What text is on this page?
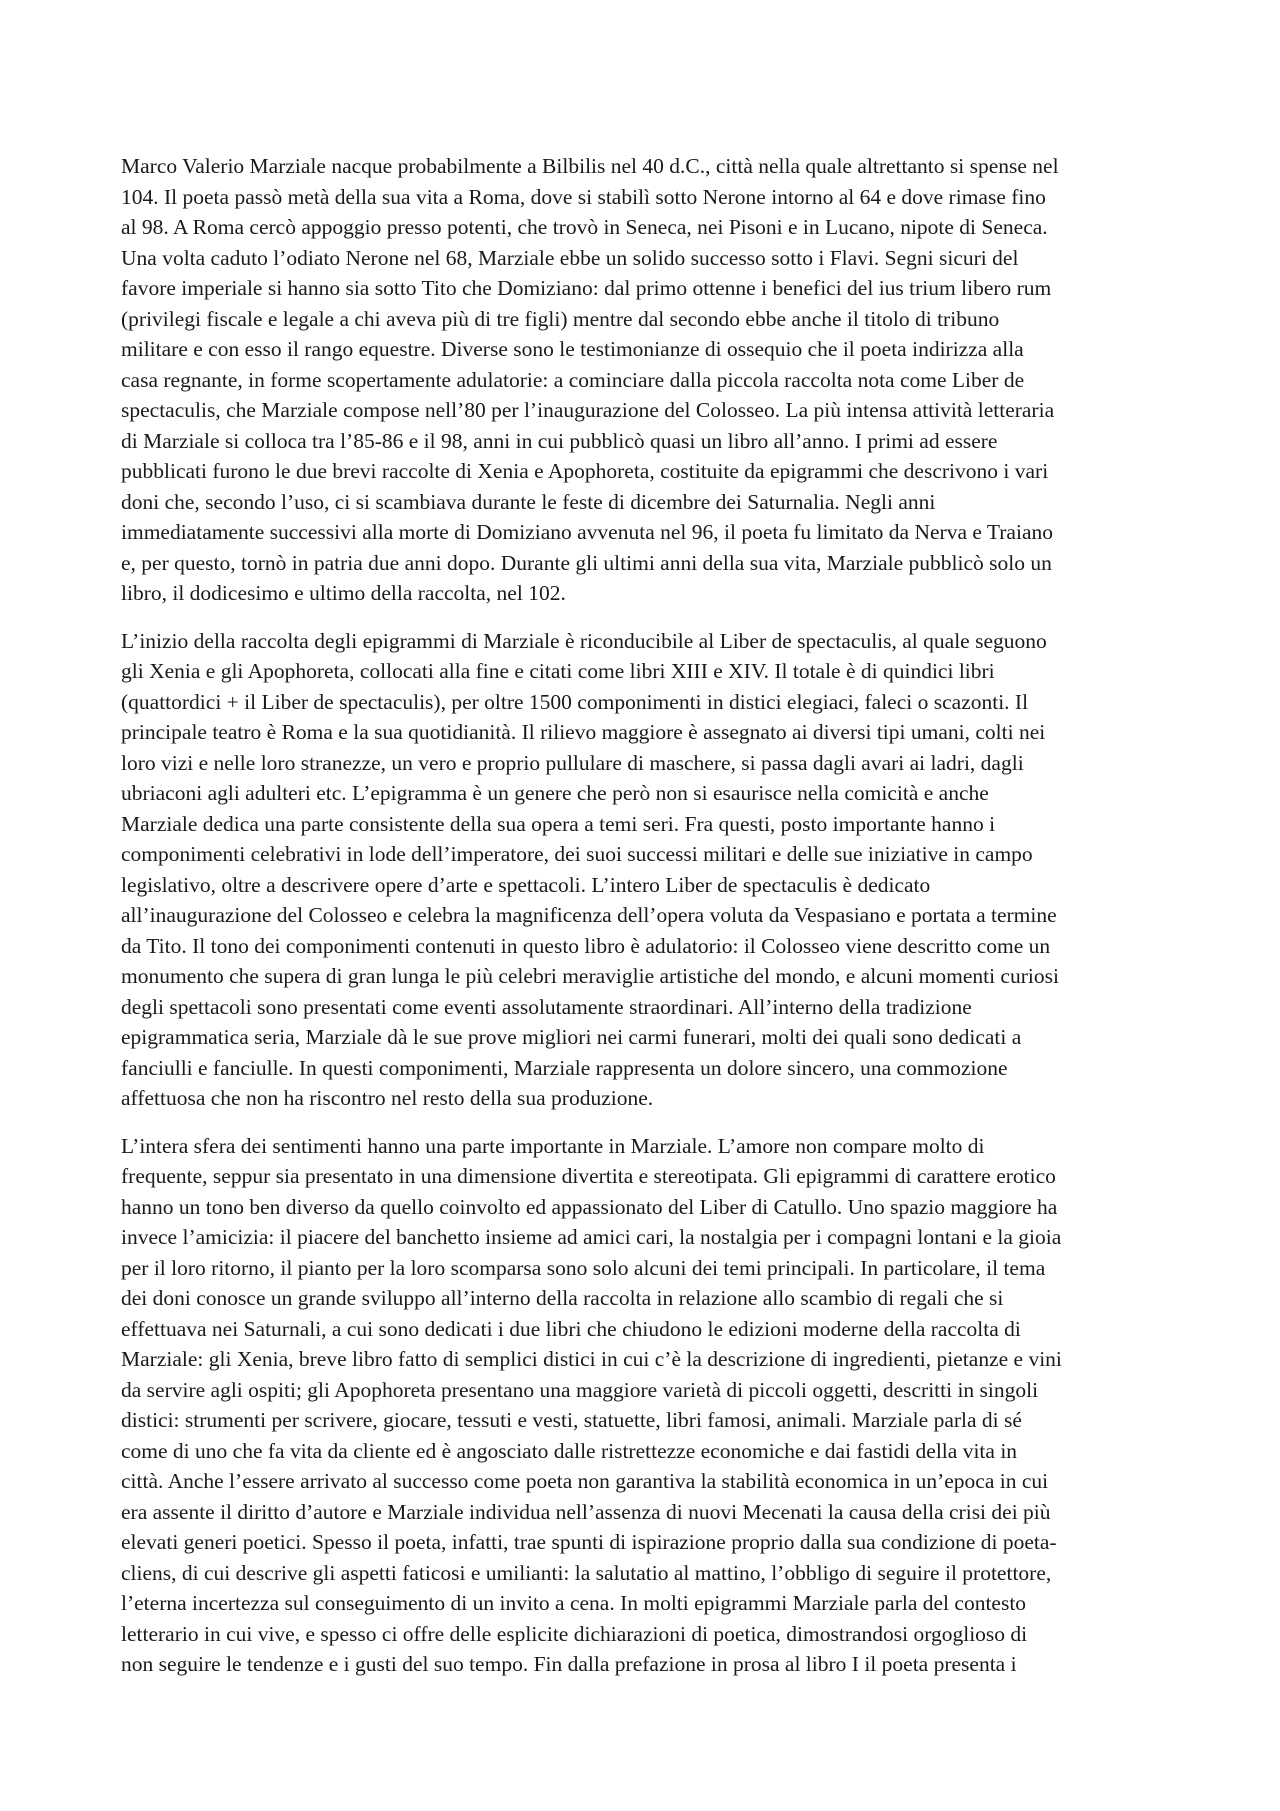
Marco Valerio Marziale nacque probabilmente a Bilbilis nel 40 d.C., città nella quale altrettanto si spense nel
104. Il poeta passò metà della sua vita a Roma, dove si stabilì sotto Nerone intorno al 64 e dove rimase fino
al 98. A Roma cercò appoggio presso potenti, che trovò in Seneca, nei Pisoni e in Lucano, nipote di Seneca.
Una volta caduto l’odiato Nerone nel 68, Marziale ebbe un solido successo sotto i Flavi. Segni sicuri del
favore imperiale si hanno sia sotto Tito che Domiziano: dal primo ottenne i benefici del ius trium libero rum
(privilegi fiscale e legale a chi aveva più di tre figli) mentre dal secondo ebbe anche il titolo di tribuno
militare e con esso il rango equestre. Diverse sono le testimonianze di ossequio che il poeta indirizza alla
casa regnante, in forme scopertamente adulatorie: a cominciare dalla piccola raccolta nota come Liber de
spectaculis, che Marziale compose nell’80 per l’inaugurazione del Colosseo. La più intensa attività letteraria
di Marziale si colloca tra l’85-86 e il 98, anni in cui pubblicò quasi un libro all’anno. I primi ad essere
pubblicati furono le due brevi raccolte di Xenia e Apophoreta, costituite da epigrammi che descrivono i vari
doni che, secondo l’uso, ci si scambiava durante le feste di dicembre dei Saturnalia. Negli anni
immediatamente successivi alla morte di Domiziano avvenuta nel 96, il poeta fu limitato da Nerva e Traiano
e, per questo, tornò in patria due anni dopo. Durante gli ultimi anni della sua vita, Marziale pubblicò solo un
libro, il dodicesimo e ultimo della raccolta, nel 102.

L’inizio della raccolta degli epigrammi di Marziale è riconducibile al Liber de spectaculis, al quale seguono
gli Xenia e gli Apophoreta, collocati alla fine e citati come libri XIII e XIV. Il totale è di quindici libri
(quattordici + il Liber de spectaculis), per oltre 1500 componimenti in distici elegiaci, faleci o scazonti. Il
principale teatro è Roma e la sua quotidianità. Il rilievo maggiore è assegnato ai diversi tipi umani, colti nei
loro vizi e nelle loro stranezze, un vero e proprio pullulare di maschere, si passa dagli avari ai ladri, dagli
ubriaconi agli adulteri etc. L’epigramma è un genere che però non si esaurisce nella comicità e anche
Marziale dedica una parte consistente della sua opera a temi seri. Fra questi, posto importante hanno i
componimenti celebrativi in lode dell’imperatore, dei suoi successi militari e delle sue iniziative in campo
legislativo, oltre a descrivere opere d’arte e spettacoli. L’intero Liber de spectaculis è dedicato
all’inaugurazione del Colosseo e celebra la magnificenza dell’opera voluta da Vespasiano e portata a termine
da Tito. Il tono dei componimenti contenuti in questo libro è adulatorio: il Colosseo viene descritto come un
monumento che supera di gran lunga le più celebri meraviglie artistiche del mondo, e alcuni momenti curiosi
degli spettacoli sono presentati come eventi assolutamente straordinari. All’interno della tradizione
epigrammatica seria, Marziale dà le sue prove migliori nei carmi funerari, molti dei quali sono dedicati a
fanciulli e fanciulle. In questi componimenti, Marziale rappresenta un dolore sincero, una commozione
affettuosa che non ha riscontro nel resto della sua produzione.

L’intera sfera dei sentimenti hanno una parte importante in Marziale. L’amore non compare molto di
frequente, seppur sia presentato in una dimensione divertita e stereotipata. Gli epigrammi di carattere erotico
hanno un tono ben diverso da quello coinvolto ed appassionato del Liber di Catullo. Uno spazio maggiore ha
invece l’amicizia: il piacere del banchetto insieme ad amici cari, la nostalgia per i compagni lontani e la gioia
per il loro ritorno, il pianto per la loro scomparsa sono solo alcuni dei temi principali. In particolare, il tema
dei doni conosce un grande sviluppo all’interno della raccolta in relazione allo scambio di regali che si
effettuava nei Saturnali, a cui sono dedicati i due libri che chiudono le edizioni moderne della raccolta di
Marziale: gli Xenia, breve libro fatto di semplici distici in cui c’è la descrizione di ingredienti, pietanze e vini
da servire agli ospiti; gli Apophoreta presentano una maggiore varietà di piccoli oggetti, descritti in singoli
distici: strumenti per scrivere, giocare, tessuti e vesti, statuette, libri famosi, animali. Marziale parla di sé
come di uno che fa vita da cliente ed è angosciato dalle ristrettezze economiche e dai fastidi della vita in
città. Anche l’essere arrivato al successo come poeta non garantiva la stabilità economica in un’epoca in cui
era assente il diritto d’autore e Marziale individua nell’assenza di nuovi Mecenati la causa della crisi dei più
elevati generi poetici. Spesso il poeta, infatti, trae spunti di ispirazione proprio dalla sua condizione di poeta-
cliens, di cui descrive gli aspetti faticosi e umilianti: la salutatio al mattino, l’obbligo di seguire il protettore,
l’eterna incertezza sul conseguimento di un invito a cena. In molti epigrammi Marziale parla del contesto
letterario in cui vive, e spesso ci offre delle esplicite dichiarazioni di poetica, dimostrandosi orgoglioso di
non seguire le tendenze e i gusti del suo tempo. Fin dalla prefazione in prosa al libro I il poeta presenta i
